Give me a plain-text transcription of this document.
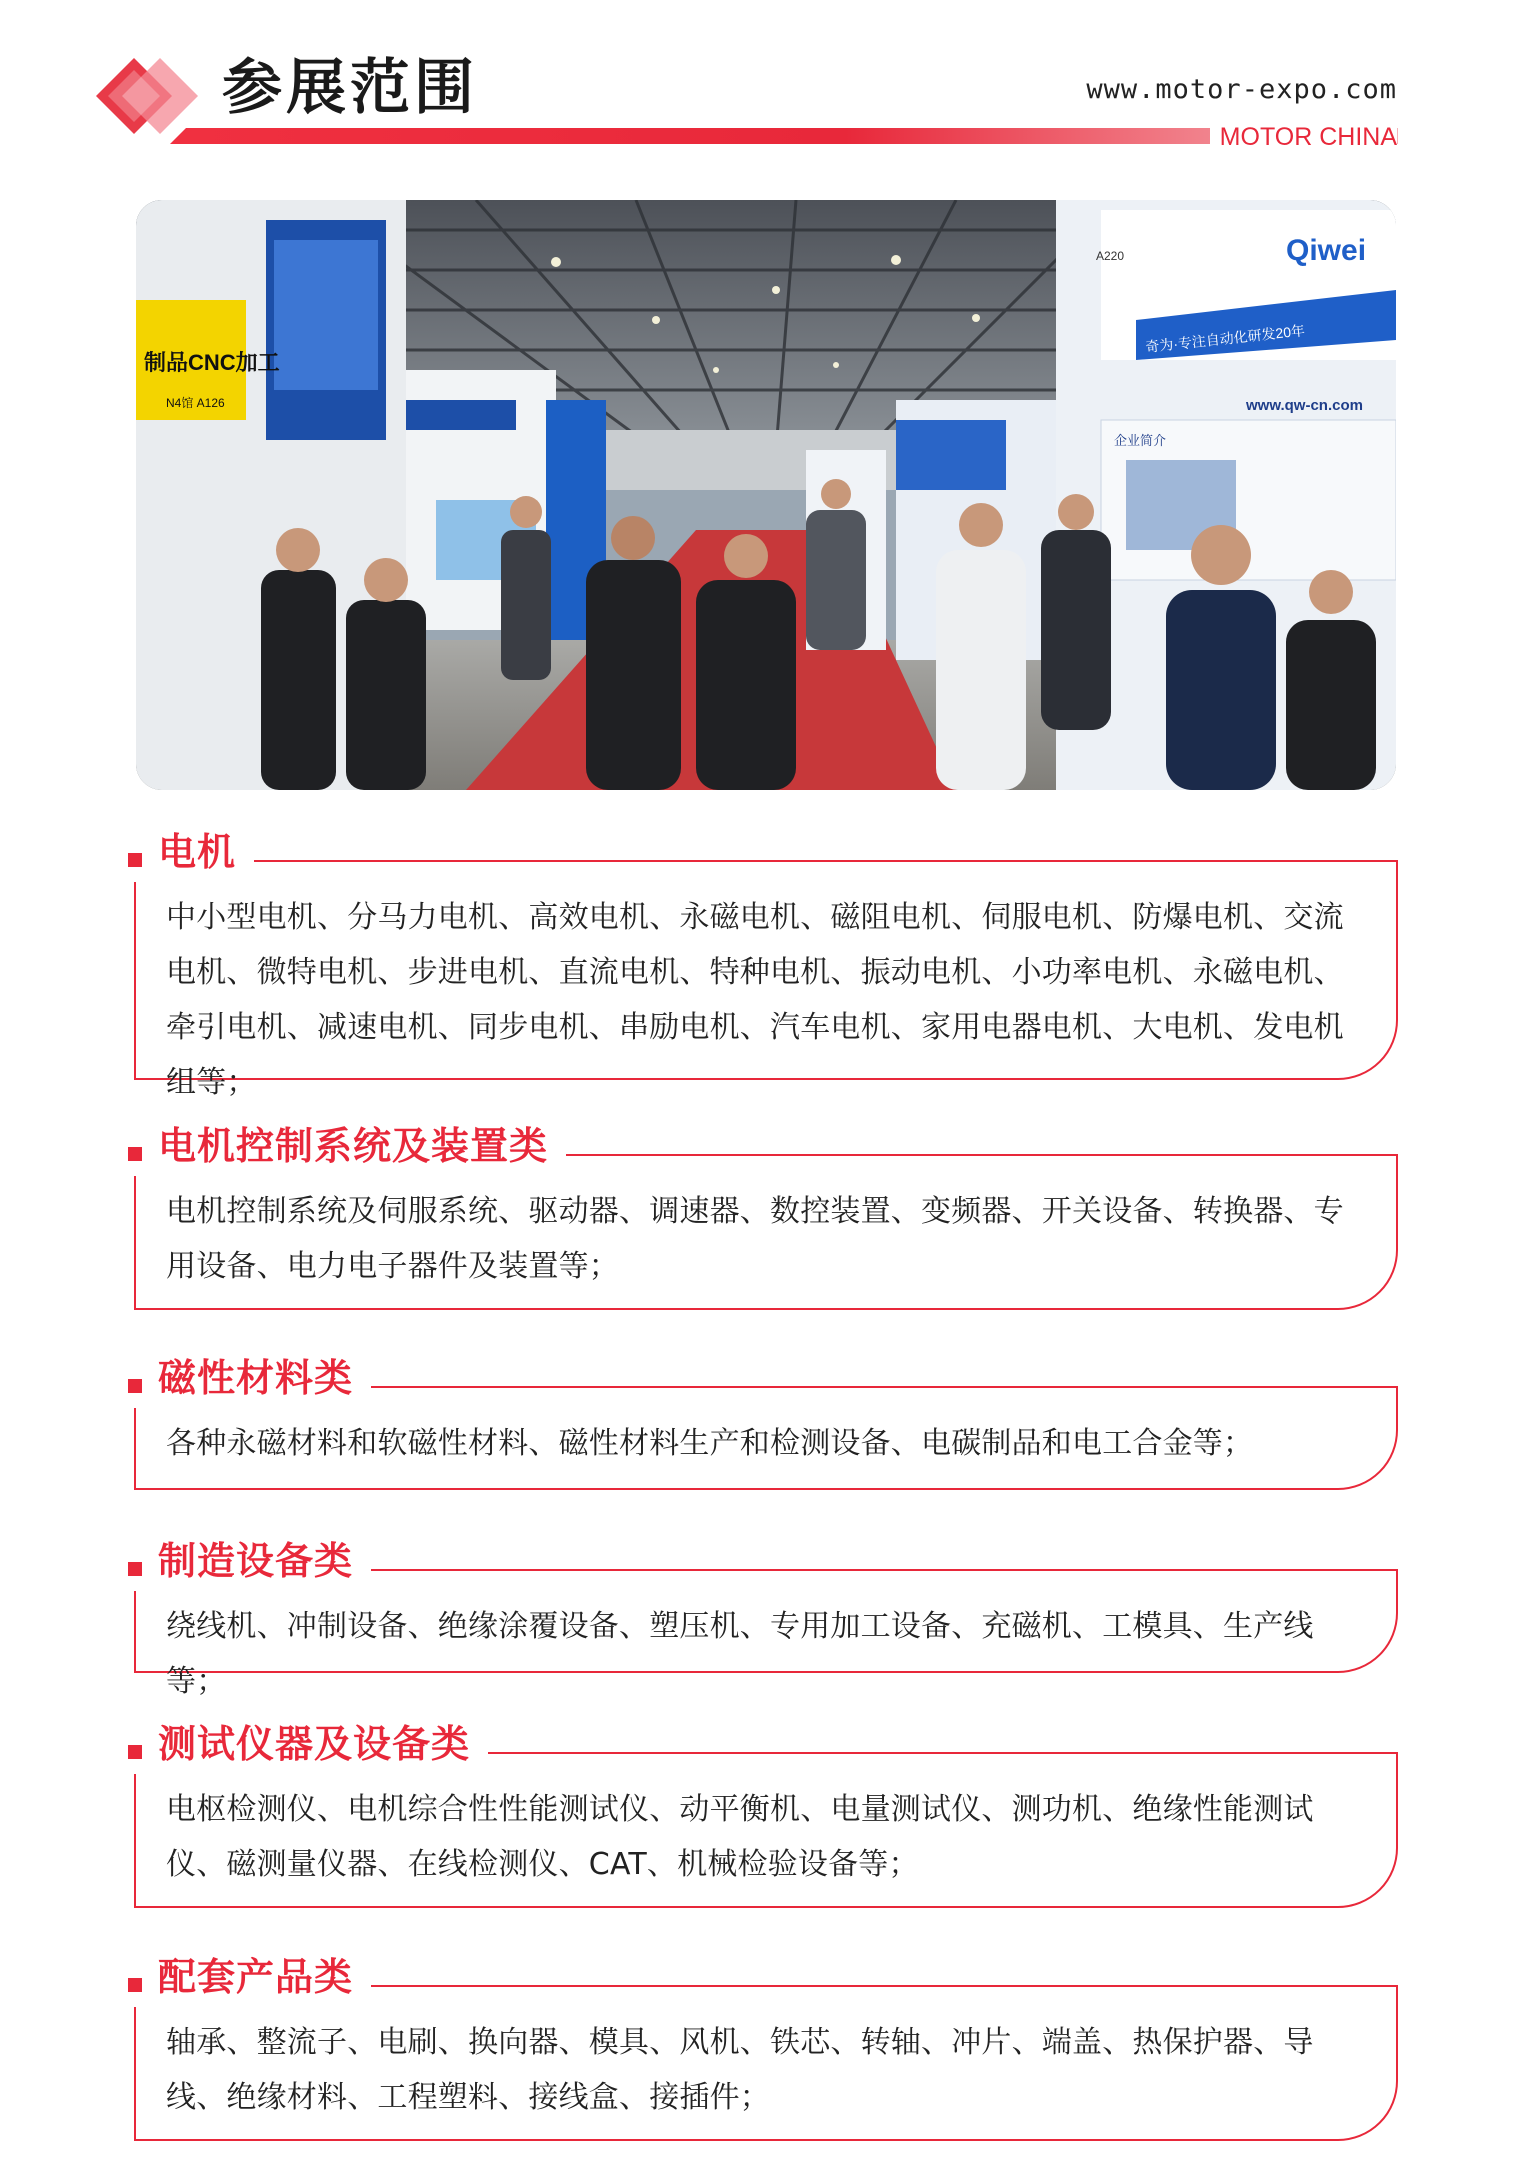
参展范围	www.motor-expo.com
MOTOR CHINA
制品CNC加工
N4馆 A126
Qiwei
奇为·专注自动化研发20年
www.qw-cn.com
A220
企业简介
电机

中小型电机、分马力电机、高效电机、永磁电机、磁阻电机、伺服电机、防爆电机、交流电机、微特电机、步进电机、直流电机、特种电机、振动电机、小功率电机、永磁电机、牵引电机、减速电机、同步电机、串励电机、汽车电机、家用电器电机、大电机、发电机组等；

电机控制系统及装置类

电机控制系统及伺服系统、驱动器、调速器、数控装置、变频器、开关设备、转换器、专用设备、电力电子器件及装置等；

磁性材料类

各种永磁材料和软磁性材料、磁性材料生产和检测设备、电碳制品和电工合金等；

制造设备类

绕线机、冲制设备、绝缘涂覆设备、塑压机、专用加工设备、充磁机、工模具、生产线等；

测试仪器及设备类

电枢检测仪、电机综合性性能测试仪、动平衡机、电量测试仪、测功机、绝缘性能测试仪、磁测量仪器、在线检测仪、CAT、机械检验设备等；

配套产品类

轴承、整流子、电刷、换向器、模具、风机、铁芯、转轴、冲片、端盖、热保护器、导线、绝缘材料、工程塑料、接线盒、接插件；
